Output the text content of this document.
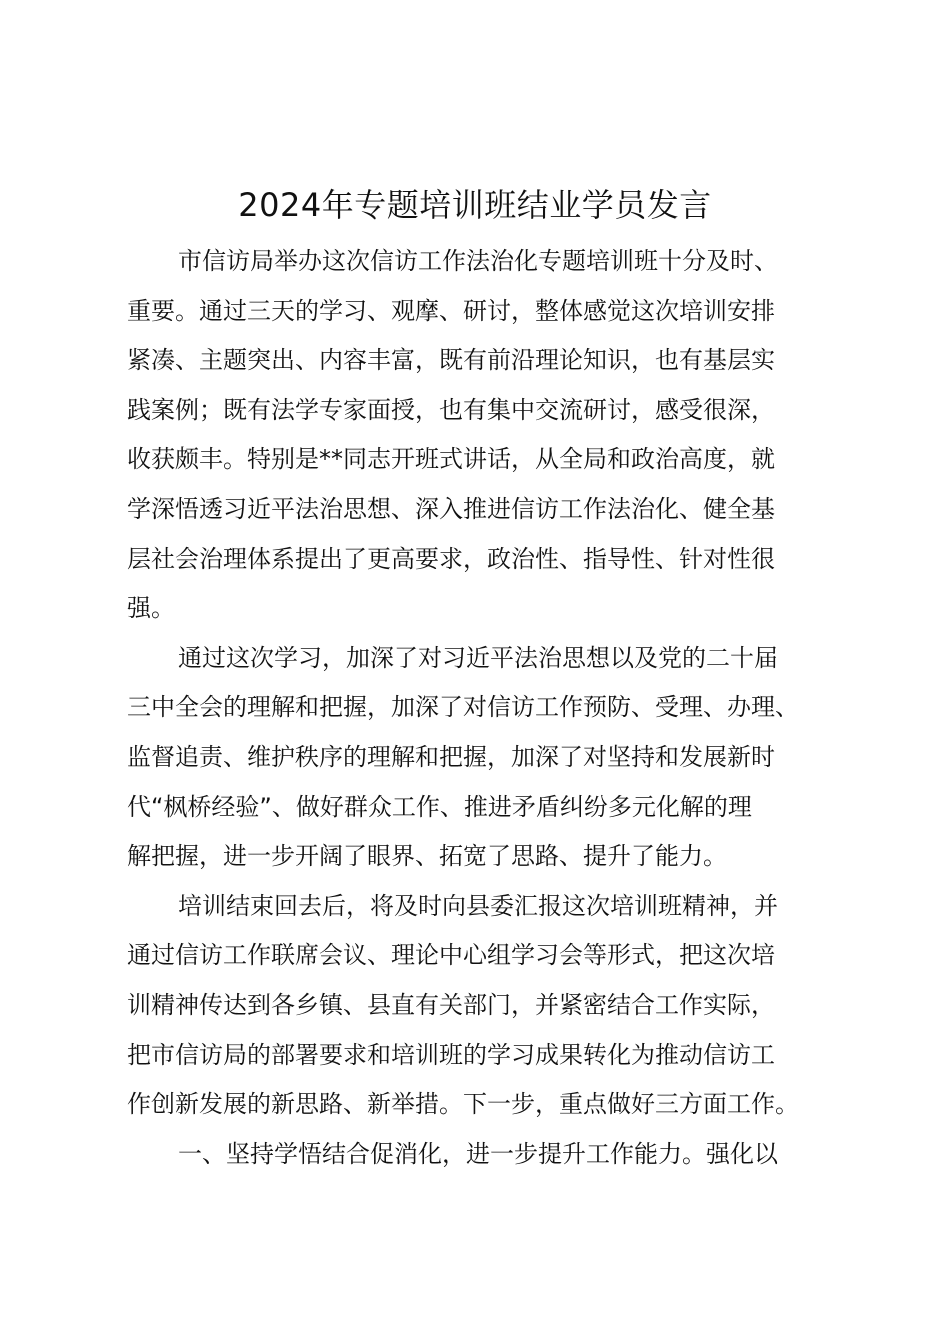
2024年专题培训班结业学员发言

市信访局举办这次信访工作法治化专题培训班十分及时、
重要。通过三天的学习、观摩、研讨，整体感觉这次培训安排
紧凑、主题突出、内容丰富，既有前沿理论知识，也有基层实
践案例；既有法学专家面授，也有集中交流研讨，感受很深，
收获颇丰。特别是**同志开班式讲话，从全局和政治高度，就
学深悟透习近平法治思想、深入推进信访工作法治化、健全基
层社会治理体系提出了更高要求，政治性、指导性、针对性很
强。

通过这次学习，加深了对习近平法治思想以及党的二十届
三中全会的理解和把握，加深了对信访工作预防、受理、办理、
监督追责、维护秩序的理解和把握，加深了对坚持和发展新时
代“枫桥经验”、做好群众工作、推进矛盾纠纷多元化解的理
解把握，进一步开阔了眼界、拓宽了思路、提升了能力。

培训结束回去后，将及时向县委汇报这次培训班精神，并
通过信访工作联席会议、理论中心组学习会等形式，把这次培
训精神传达到各乡镇、县直有关部门，并紧密结合工作实际，
把市信访局的部署要求和培训班的学习成果转化为推动信访工
作创新发展的新思路、新举措。下一步，重点做好三方面工作。

一、坚持学悟结合促消化，进一步提升工作能力。强化以
